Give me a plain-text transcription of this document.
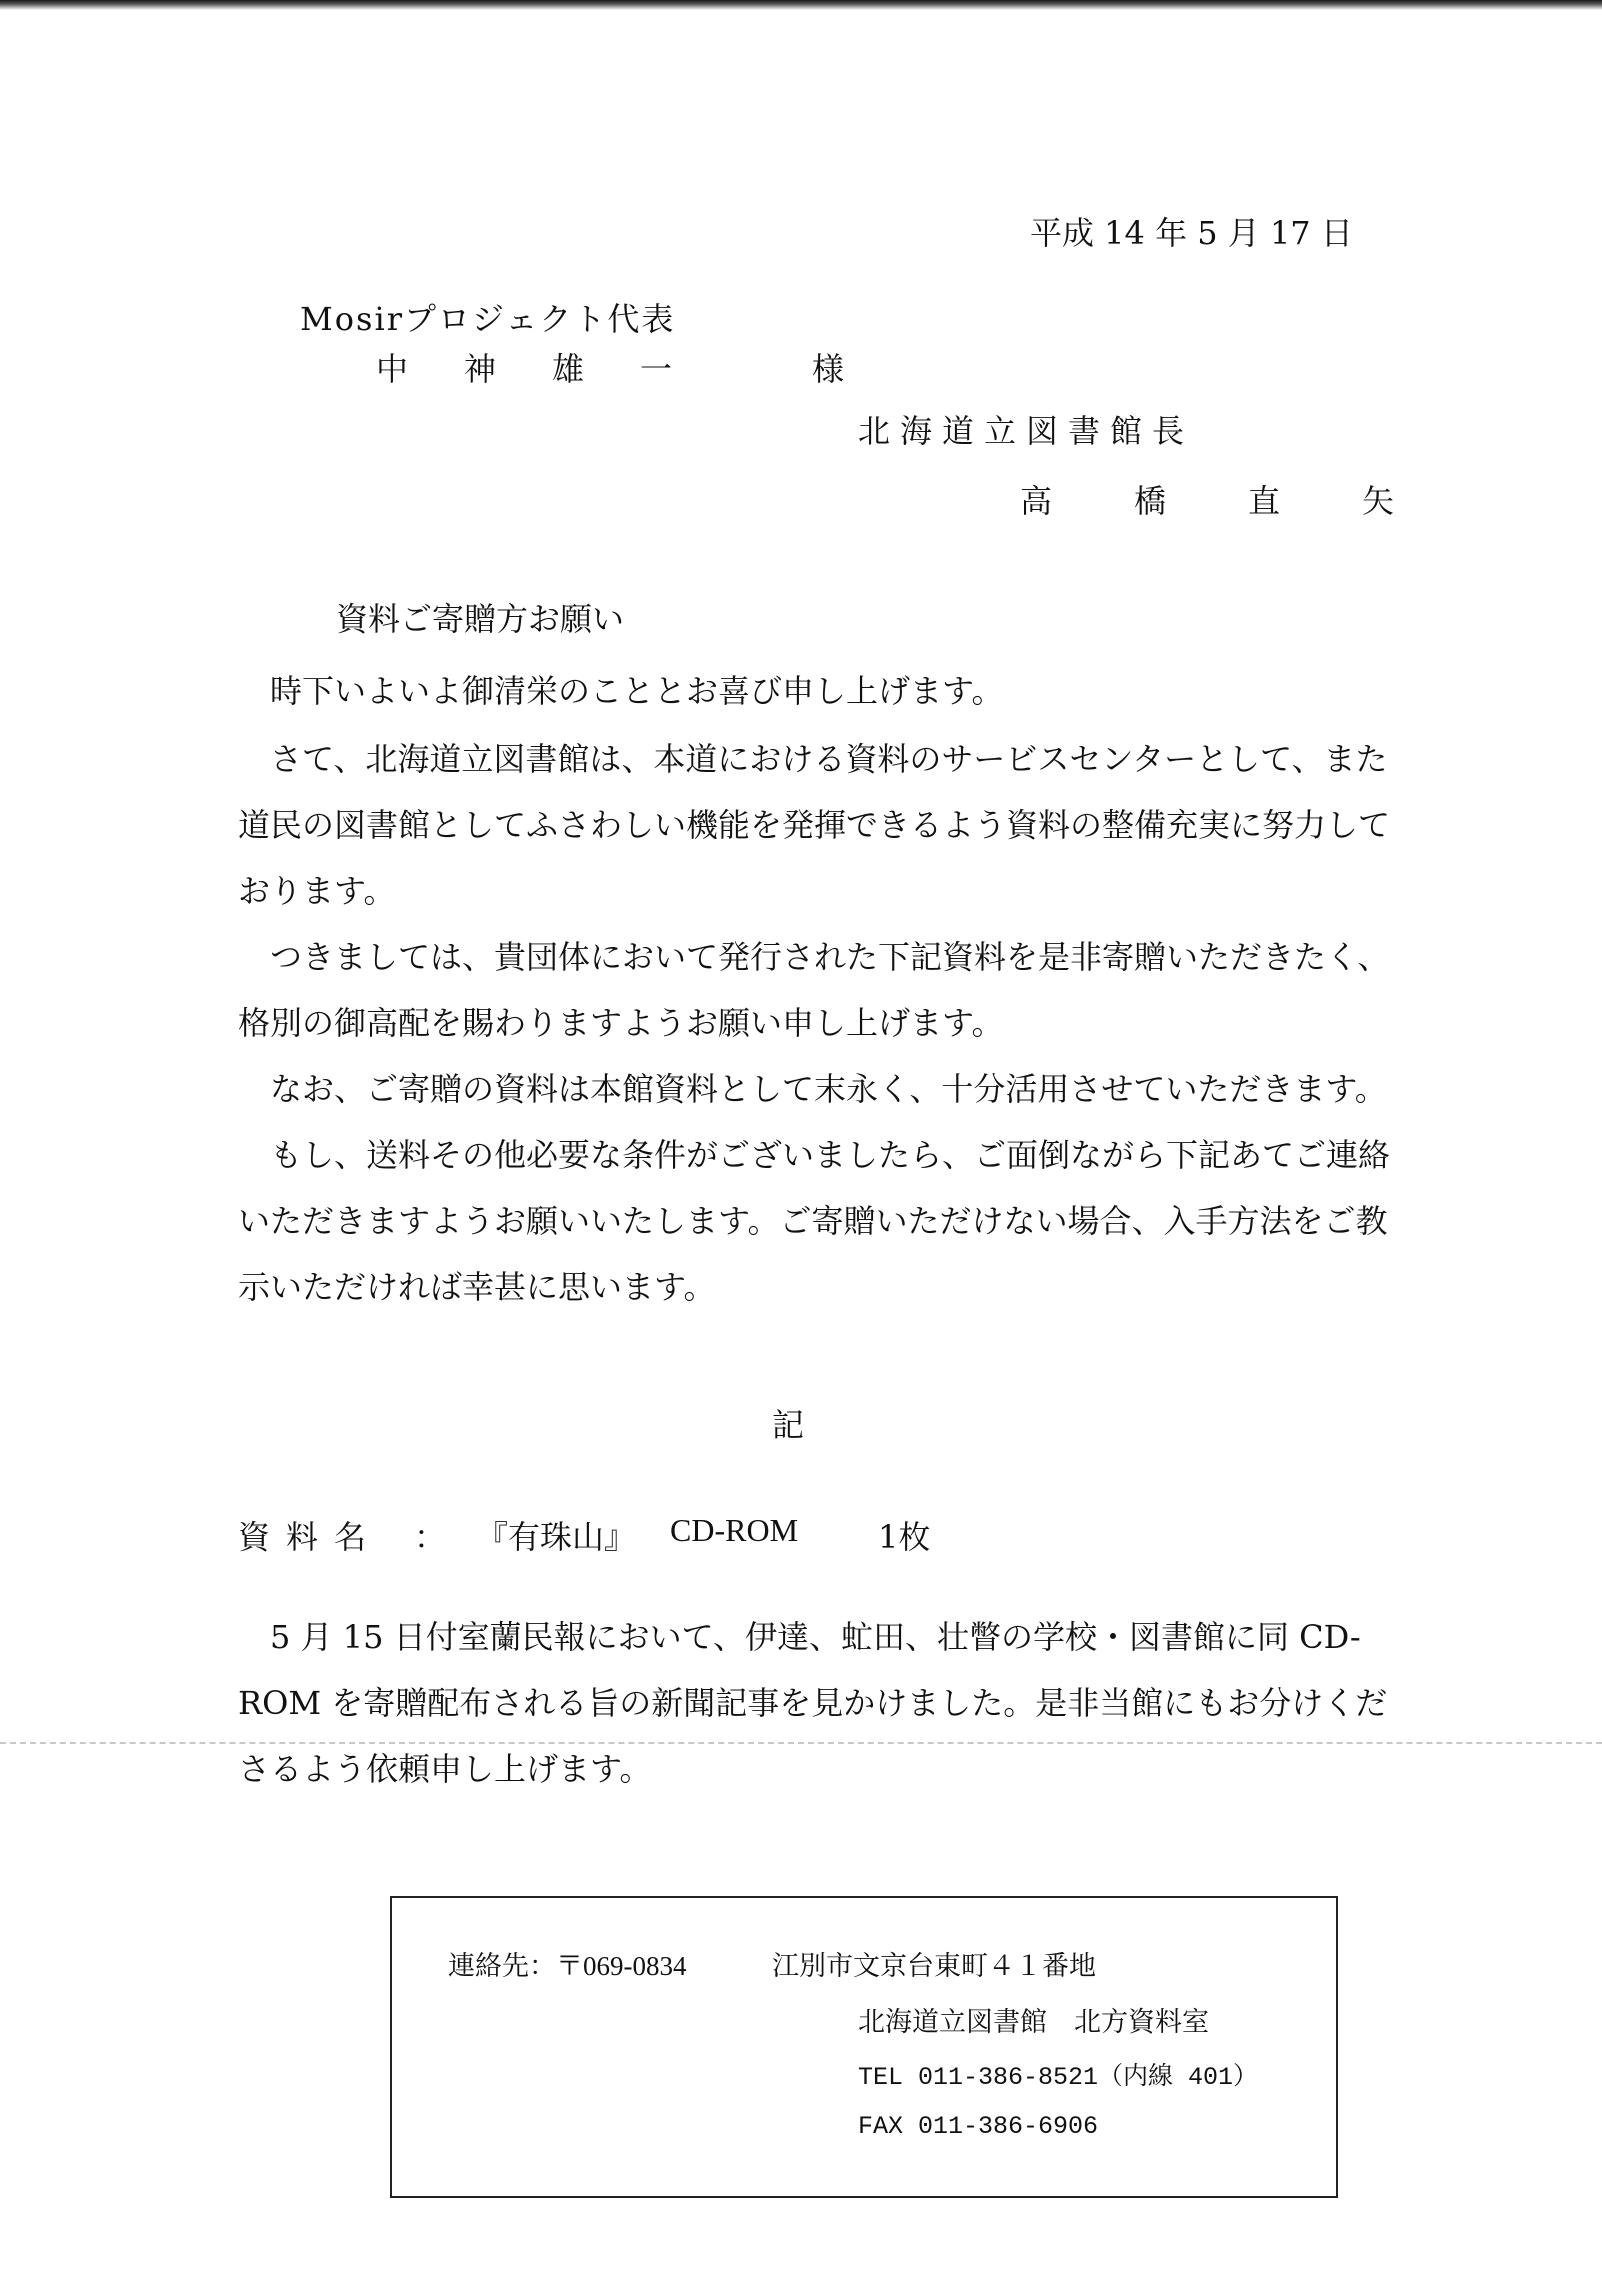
平成 14 年 5 月 17 日
Mosirプロジェクト代表
中神雄一	様
北海道立図書館長
高橋直矢
資料ご寄贈方お願い
時下いよいよ御清栄のこととお喜び申し上げます。
さて、北海道立図書館は、本道における資料のサービスセンターとして、また道民の図書館としてふさわしい機能を発揮できるよう資料の整備充実に努力しております。
つきましては、貴団体において発行された下記資料を是非寄贈いただきたく、格別の御高配を賜わりますようお願い申し上げます。
なお、ご寄贈の資料は本館資料として末永く、十分活用させていただきます。
もし、送料その他必要な条件がございましたら、ご面倒ながら下記あてご連絡いただきますようお願いいたします。ご寄贈いただけない場合、入手方法をご教示いただければ幸甚に思います。
記
資料名 ： 『有珠山』 CD-ROM 1枚
5 月 15 日付室蘭民報において、伊達、虻田、壮瞥の学校・図書館に同 CD-ROM を寄贈配布される旨の新聞記事を見かけました。是非当館にもお分けくださるよう依頼申し上げます。
連絡先： 〒069-0834	江別市文京台東町４１番地
北海道立図書館　北方資料室
TEL 011-386-8521（内線 401）
FAX 011-386-6906
